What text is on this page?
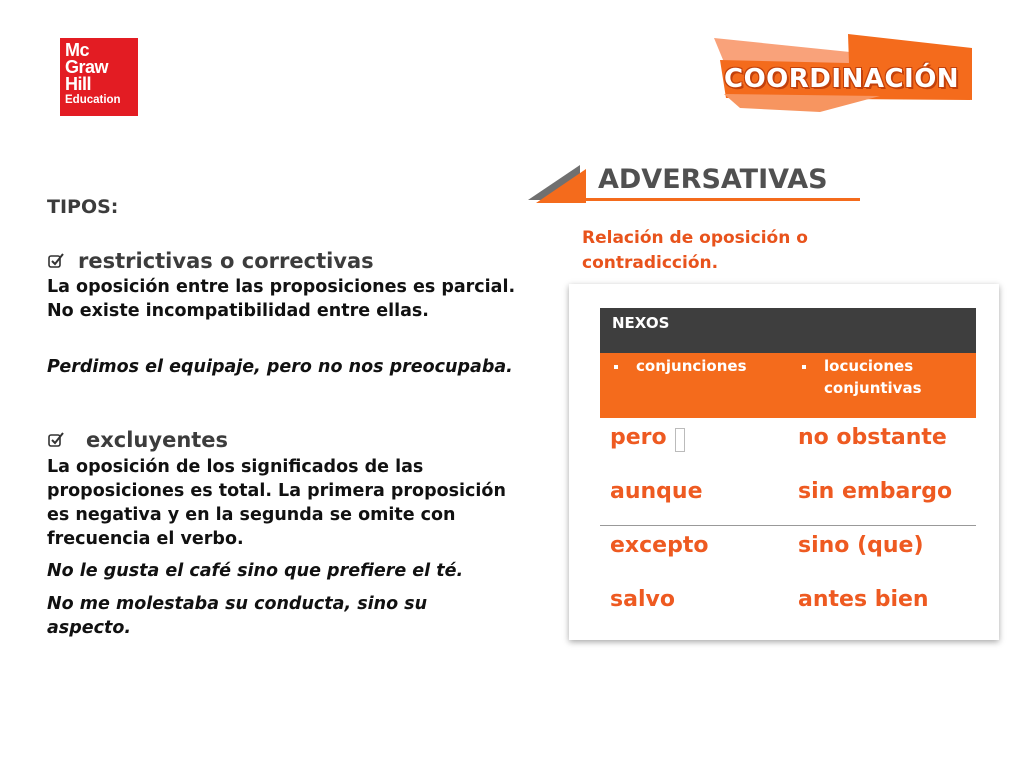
Mc
Graw
Hill
Education
COORDINACIÓN
TIPOS:
restrictivas o correctivas
La oposición entre las proposiciones es parcial. No existe incompatibilidad entre ellas.
Perdimos el equipaje, pero no nos preocupaba.
excluyentes
La oposición de los significados de las proposiciones es total. La primera proposición es negativa y en la segunda se omite con frecuencia el verbo.
No le gusta el café sino que prefiere el té.
No me molestaba su conducta, sino su aspecto.
ADVERSATIVAS
Relación de oposición o contradicción.
NEXOS
conjunciones	locuciones conjuntivas
pero	no obstante
aunque	sin embargo
excepto	sino (que)
salvo	antes bien
